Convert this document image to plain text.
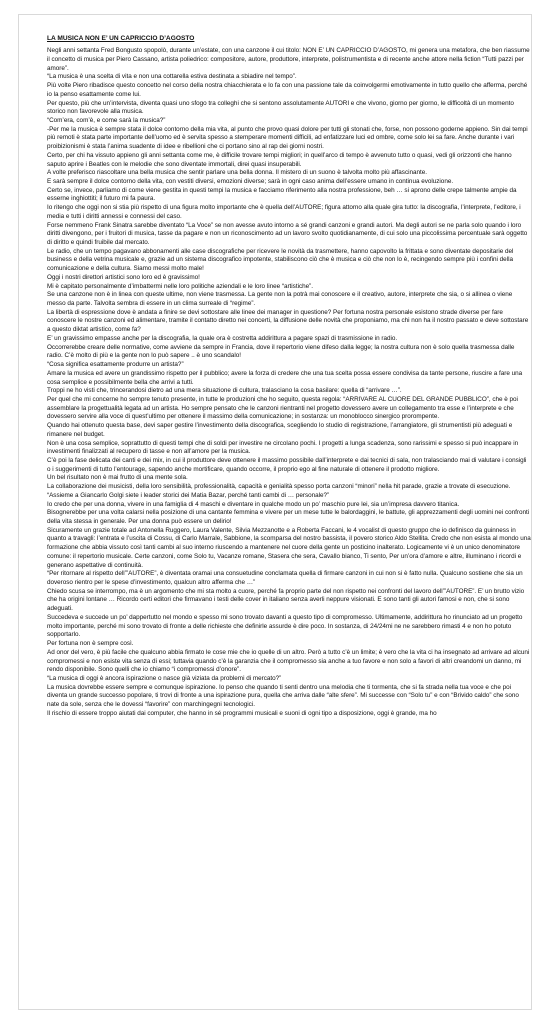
LA MUSICA NON E’ UN CAPRICCIO D’AGOSTO

Negli anni settanta Fred Bongusto spopolò, durante un’estate, con una canzone il cui titolo: NON E’ UN CAPRICCIO D’AGOSTO, mi genera una metafora, che ben riassume il concetto di musica per Piero Cassano, artista poliedrico: compositore, autore, produttore, interprete, polistrumentista e di recente anche attore nella fiction “Tutti pazzi per amore”.

“La musica è una scelta di vita e non una cottarella estiva destinata a sbiadire nel tempo”.

Più volte Piero ribadisce questo concetto nel corso della nostra chiacchierata e lo fa con una passione tale da coinvolgermi emotivamente in tutto quello che afferma, perché io la penso esattamente come lui.

Per questo, più che un’intervista, diventa quasi uno sfogo tra colleghi che si sentono assolutamente AUTORI e che vivono, giorno per giorno, le difficoltà di un momento storico non favorevole alla musica.

“Com’era, com’è, e come sarà la musica?”

-Per me la musica è sempre stata il dolce contorno della mia vita, al punto che provo quasi dolore per tutti gli stonati che, forse, non possono goderne appieno. Sin dai tempi più remoti è stata parte importante dell’uomo ed è servita spesso a stemperare momenti difficili, ad enfatizzare luci ed ombre, come solo lei sa fare. Anche durante i vari proibizionismi è stata l’anima suadente di idee e ribellioni che ci portano sino al rap dei giorni nostri.

Certo, per chi ha vissuto appieno gli anni settanta come me, è difficile trovare tempi migliori; in quell’arco di tempo è avvenuto tutto o quasi, vedi gli orizzonti che hanno saputo aprire i Beatles con le melodie che sono diventate immortali, direi quasi insuperabili.

A volte preferisco riascoltare una bella musica che sentir parlare una bella donna. Il mistero di un suono è talvolta molto più affascinante.

E sarà sempre il dolce contorno della vita, con vestiti diversi, emozioni diverse; sarà in ogni caso anima dell’essere umano in continua evoluzione.

Certo se, invece, parliamo di come viene gestita in questi tempi la musica e facciamo riferimento alla nostra professione, beh … si aprono delle crepe talmente ampie da esserne inghiottiti; il futuro mi fa paura.

Io ritengo che oggi non si stia più rispetto di una figura molto importante che è quella dell’AUTORE; figura attorno alla quale gira tutto: la discografia, l’interprete, l’editore, i media e tutti i diritti annessi e connessi del caso.

Forse nemmeno Frank Sinatra sarebbe diventato “La Voce” se non avesse avuto intorno a sé grandi canzoni e grandi autori. Ma degli autori se ne parla solo quando i loro diritti divengono, per i fruitori di musica, tasse da pagare e non un riconoscimento ad un lavoro svolto quotidianamente, di cui solo una piccolissima percentuale sarà oggetto di diritto e quindi fruibile dal mercato.

Le radio, che un tempo pagavano abbonamenti alle case discografiche per ricevere le novità da trasmettere, hanno capovolto la frittata e sono diventate depositarie del business e della vetrina musicale e, grazie ad un sistema discografico impotente, stabiliscono ciò che è musica e ciò che non lo è, recingendo sempre più i confini della comunicazione e della cultura. Siamo messi molto male!

Oggi i nostri direttori artistici sono loro ed è gravissimo!

Mi è capitato personalmente d’imbattermi nelle loro politiche aziendali e le loro linee “artistiche”.

Se una canzone non è in linea con queste ultime, non viene trasmessa. La gente non la potrà mai conoscere e il creativo, autore, interprete che sia, o si allinea o viene messo da parte. Talvolta sembra di essere in un clima surreale di “regime”.

La libertà di espressione dove è andata a finire se devi sottostare alle linee dei manager in questione? Per fortuna nostra personale esistono strade diverse per fare conoscere le nostre canzoni ed alimentare, tramite il contatto diretto nei concerti, la diffusione delle novità che proponiamo, ma chi non ha il nostro passato e deve sottostare a questo diktat artistico, come fa?

E’ un gravissimo empasse anche per la discografia, la quale ora è costretta addirittura a pagare spazi di trasmissione in radio.

Occorrerebbe creare delle normative, come avviene da sempre in Francia, dove il repertorio viene difeso dalla legge; la nostra cultura non è solo quella trasmessa dalle radio. C’è molto di più e la gente non lo può sapere .. è uno scandalo!

“Cosa significa esattamente produrre un artista?”

Amare la musica ed avere un grandissimo rispetto per il pubblico; avere la forza di credere che una tua scelta possa essere condivisa da tante persone, riuscire a fare una cosa semplice e possibilmente bella che arrivi a tutti.

Troppi ne ho visti che, trincerandosi dietro ad una mera situazione di cultura, tralasciano la cosa basilare: quella di “arrivare …”.

Per quel che mi concerne ho sempre tenuto presente, in tutte le produzioni che ho seguito, questa regola: “ARRIVARE AL CUORE DEL GRANDE PUBBLICO”, che è poi assemblare la progettualità legata ad un artista. Ho sempre pensato che le canzoni rientranti nel progetto dovessero avere un collegamento tra esse e l’interprete e che dovessero servire alla voce di quest’ultimo per ottenere il massimo della comunicazione; in sostanza: un monoblocco sinergico prorompente.

Quando hai ottenuto questa base, devi saper gestire l’investimento della discografica, scegliendo lo studio di registrazione, l’arrangiatore, gli strumentisti più adeguati e rimanere nel budget.

Non è una cosa semplice, soprattutto di questi tempi che di soldi per investire ne circolano pochi. I progetti a lunga scadenza, sono rarissimi e spesso si può incappare in investimenti finalizzati al recupero di tasse e non all’amore per la musica.

C’è poi la fase delicata dei canti e dei mix, in cui il produttore deve ottenere il massimo possibile dall’interprete e dai tecnici di sala, non tralasciando mai di valutare i consigli o i suggerimenti di tutto l’entourage, sapendo anche mortificare, quando occorre, il proprio ego al fine naturale di ottenere il prodotto migliore.

Un bel risultato non è mai frutto di una mente sola.

La collaborazione dei musicisti, della loro sensibilità, professionalità, capacità e genialità spesso porta canzoni “minori” nella hit parade, grazie a trovate di esecuzione.

“Assieme a Giancarlo Golgi siete i leader storici dei Matia Bazar, perché tanti cambi di … personale?”

Io credo che per una donna, vivere in una famiglia di 4 maschi e diventare in qualche modo un po’ maschio pure lei, sia un’impresa davvero titanica.

Bisognerebbe per una volta calarsi nella posizione di una cantante femmina e vivere per un mese tutte le balordaggini, le battute, gli apprezzamenti degli uomini nei confronti della vita stessa in generale. Per una donna può essere un delirio!

Sicuramente un grazie totale ad Antonella Ruggero, Laura Valente, Silvia Mezzanotte e a Roberta Faccani, le 4 vocalist di questo gruppo che io definisco da guinness in quanto a travagli: l’entrata e l’uscita di Cossu, di Carlo Marrale, Sabbione, la scomparsa del nostro bassista, il povero storico Aldo Stellita. Credo che non esista al mondo una formazione che abbia vissuto così tanti cambi al suo interno riuscendo a mantenere nel cuore della gente un posticino inalterato. Logicamente vi è un unico denominatore comune: il repertorio musicale. Certe canzoni, come Solo tu, Vacanze romane, Stasera che sera, Cavallo bianco, Ti sento, Per un’ora d’amore e altre, illuminano i ricordi e generano aspettative di continuità.

“Per ritornare al rispetto dell’”AUTORE”, è diventata oramai una consuetudine conclamata quella di firmare canzoni in cui non si è fatto nulla. Qualcuno sostiene che sia un doveroso rientro per le spese d’investimento, qualcun altro afferma che …”

Chiedo scusa se interrompo, ma è un argomento che mi sta molto a cuore, perché fa proprio parte del non rispetto nei confronti del lavoro dell’”AUTORE”. E’ un brutto vizio che ha origini lontane … Ricordo certi editori che firmavano i testi delle cover in italiano senza averli neppure visionati. E sono tanti gli autori famosi e non, che si sono adeguati.

Succedeva e succede un po’ dappertutto nel mondo e spesso mi sono trovato davanti a questo tipo di compromesso. Ultimamente, addirittura ho rinunciato ad un progetto molto importante, perché mi sono trovato di fronte a delle richieste che definirle assurde è dire poco. In sostanza, di 24/24mi ne ne sarebbero rimasti 4 e non ho potuto sopportarlo.

Per fortuna non è sempre così.

Ad onor del vero, è più facile che qualcuno abbia firmato le cose mie che io quelle di un altro. Però a tutto c’è un limite; è vero che la vita ci ha insegnato ad arrivare ad alcuni compromessi e non esiste vita senza di essi; tuttavia quando c’è la garanzia che il compromesso sia anche a tuo favore e non solo a favori di altri creandomi un danno, mi rendo disponibile. Sono quelli che io chiamo “i compromessi d’onore”.

“La musica di oggi è ancora ispirazione o nasce già viziata da problemi di mercato?”

La musica dovrebbe essere sempre e comunque ispirazione. Io penso che quando ti senti dentro una melodia che ti tormenta, che si fa strada nella tua voce e che poi diventa un grande successo popolare, ti trovi di fronte a una ispirazione pura, quella che arriva dalle “alte sfere”. Mi successe con “Solo tu” e con “Brivido caldo” che sono nate da sole, senza che le dovessi “favorire” con marchingegni tecnologici.

Il rischio di essere troppo aiutati dai computer, che hanno in sé programmi musicali e suoni di ogni tipo a disposizione, oggi è grande, ma ho
